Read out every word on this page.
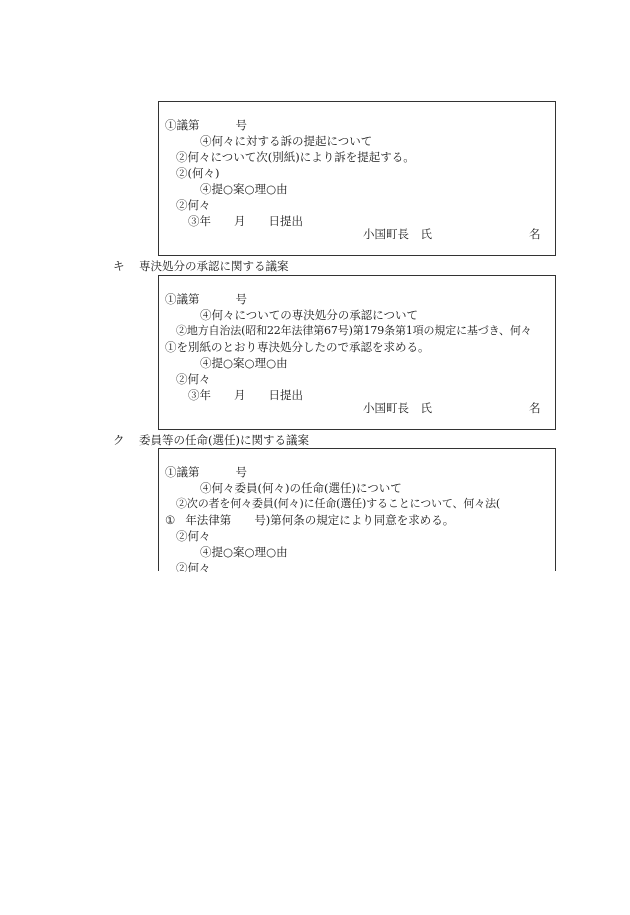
①議第	号
④何々に対する訴の提起について
②何々について次(別紙)により訴を提起する。
②(何々)
④提○案○理○由
②何々
③年 月 日提出
小国町長　氏	名
キ 専決処分の承認に関する議案
①議第	号
④何々についての専決処分の承認について
②地方自治法(昭和22年法律第67号)第179条第1項の規定に基づき、何々
①を別紙のとおり専決処分したので承認を求める。
④提○案○理○由
②何々
③年 月 日提出
小国町長　氏	名
ク 委員等の任命(選任)に関する議案
①議第	号
④何々委員(何々)の任命(選任)について
②次の者を何々委員(何々)に任命(選任)することについて、何々法(
① 年法律第 号)第何条の規定により同意を求める。
②何々
④提○案○理○由
②何々
